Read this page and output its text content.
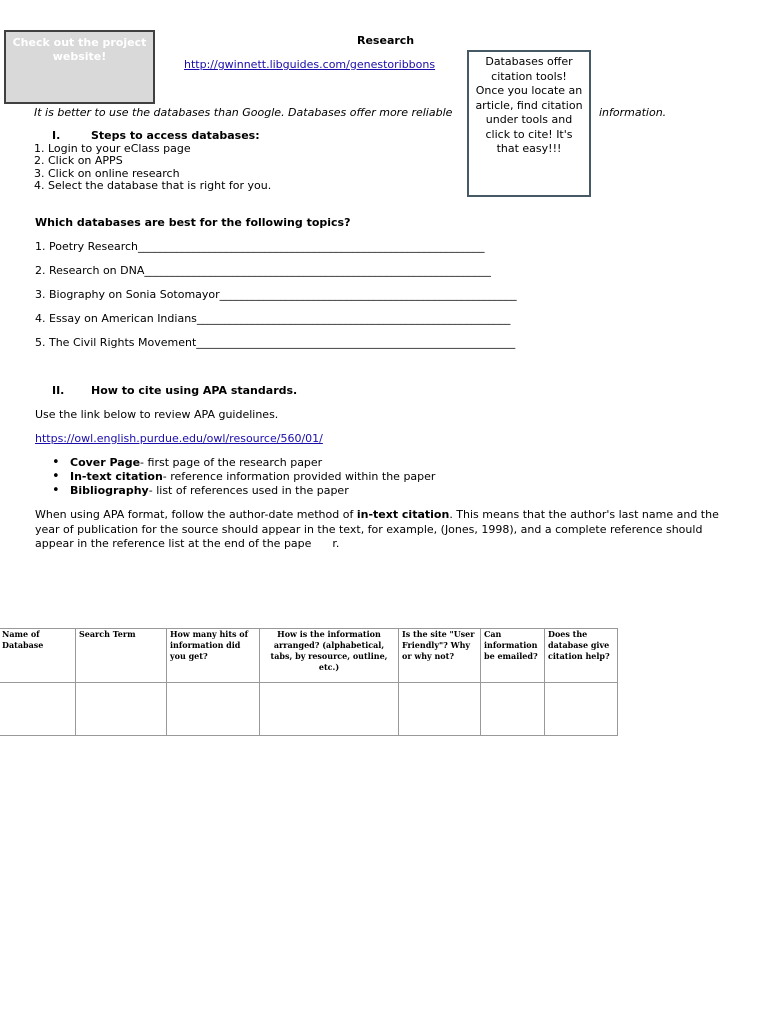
Check out the project website!
Research
http://gwinnett.libguides.com/genestoribbons	Databases offer
citation tools!
Once you locate an
article, find citation
under tools and
click to cite! It's
that easy!!!
It is better to use the databases than Google. Databases offer more reliable	information.
I.	Steps to access databases:
1. Login to your eClass page
2. Click on APPS
3. Click on online research
4. Select the database that is right for you.
Which databases are best for the following topics?
1. Poetry Research_______________________________________________________________
2. Research on DNA_______________________________________________________________
3. Biography on Sonia Sotomayor______________________________________________________
4. Essay on American Indians_________________________________________________________
5. The Civil Rights Movement__________________________________________________________
II. How to cite using APA standards.
Use the link below to review APA guidelines.
https://owl.english.purdue.edu/owl/resource/560/01/
• Cover Page- first page of the research paper
• In-text citation- reference information provided within the paper
• Bibliography- list of references used in the paper
When using APA format, follow the author-date method of in-text citation. This means that the author's last name and the year of publication for the source should appear in the text, for example, (Jones, 1998), and a complete reference should appear in the reference list at the end of the pape      r.
Name of Database	Search Term	How many hits of information did you get?	How is the information arranged? (alphabetical, tabs, by resource, outline, etc.)	Is the site "User Friendly"? Why or why not?	Can information be emailed?	Does the database give citation help?
